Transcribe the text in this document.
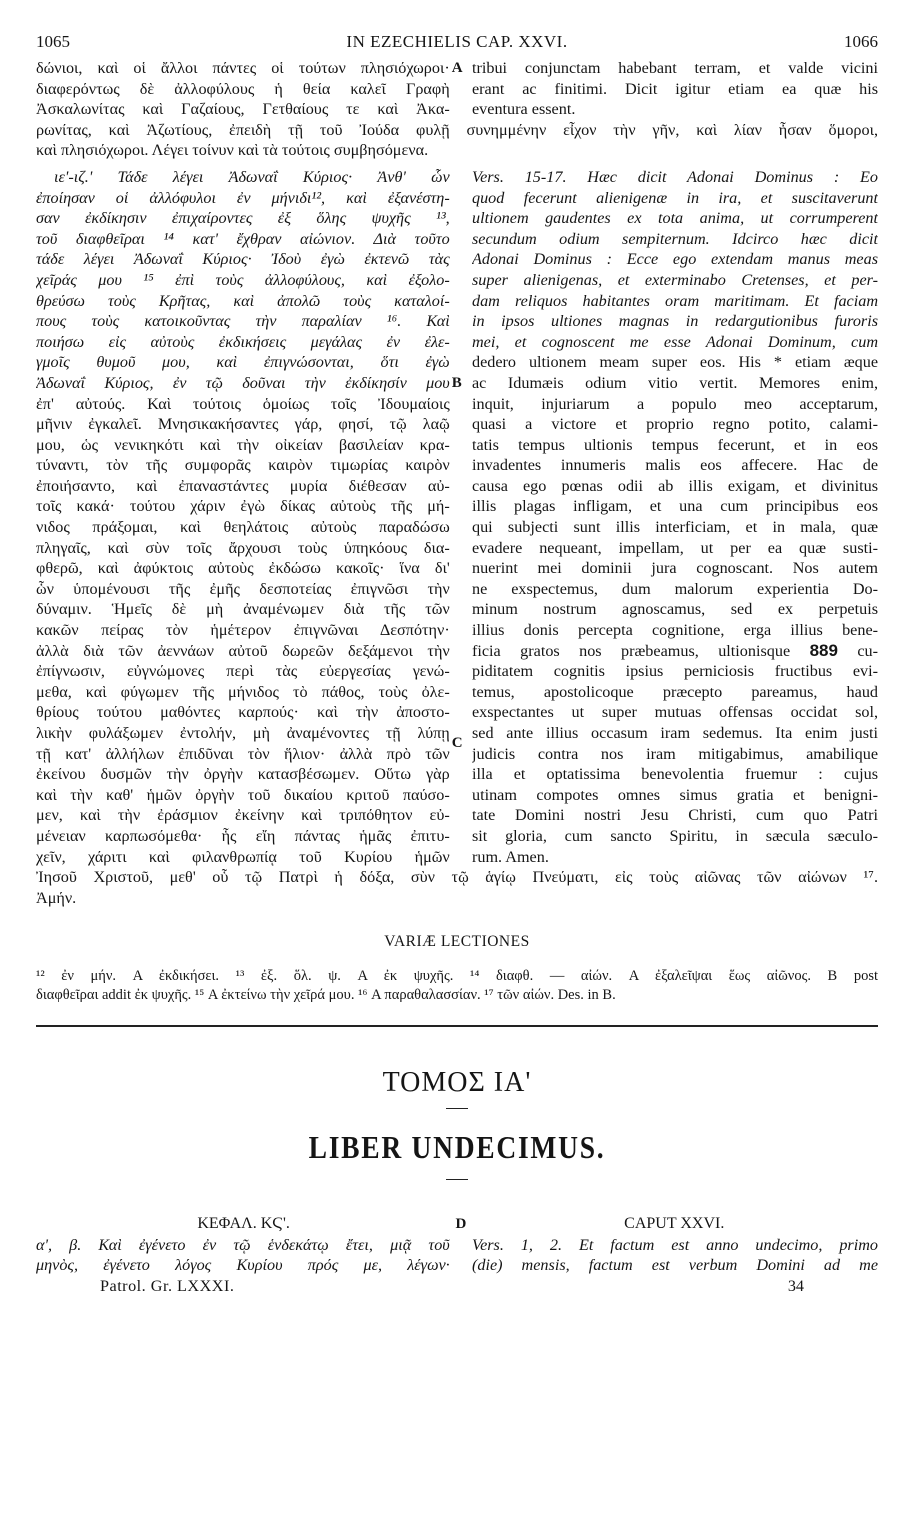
1065	IN EZECHIELIS CAP. XXVI.	1066
δώνιοι, καὶ οἱ ἄλλοι πάντες οἱ τούτων πλησιόχωροι·
διαφερόντως δὲ ἀλλοφύλους ἡ θεία καλεῖ Γραφὴ
Ἀσκαλωνίτας καὶ Γαζαίους, Γετθαίους τε καὶ Ἀκα-
A tribui conjunctam habebant terram, et valde vicini
erant ac finitimi. Dicit igitur etiam ea quæ his
eventura essent.
ρωνίτας, καὶ Ἀζωτίους, ἐπειδὴ τῇ τοῦ Ἰούδα φυλῇ συνημμένην εἶχον τὴν γῆν, καὶ λίαν ἦσαν ὅμοροι,
καὶ πλησιόχωροι. Λέγει τοίνυν καὶ τὰ τούτοις συμβησόμενα.
ιε'-ιζ.' Τάδε λέγει Ἀδωναΐ Κύριος· Ἀνθ' ὧν
ἐποίησαν οἱ ἀλλόφυλοι ἐν μήνιδι¹², καὶ ἐξανέστη-
σαν ἐκδίκησιν ἐπιχαίροντες ἐξ ὅλης ψυχῆς ¹³,
τοῦ διαφθεῖραι ¹⁴ κατ' ἔχθραν αἰώνιον. Διὰ τοῦτο
τάδε λέγει Ἀδωναΐ Κύριος· Ἰδοὺ ἐγὼ ἐκτενῶ τὰς
χεῖράς μου ¹⁵ ἐπὶ τοὺς ἀλλοφύλους, καὶ ἐξολο-
θρεύσω τοὺς Κρῆτας, καὶ ἀπολῶ τοὺς καταλοί-
πους τοὺς κατοικοῦντας τὴν παραλίαν ¹⁶. Καὶ
ποιήσω εἰς αὐτοὺς ἐκδικήσεις μεγάλας ἐν ἐλε-
γμοῖς θυμοῦ μου, καὶ ἐπιγνώσονται, ὅτι ἐγὼ
Ἀδωναΐ Κύριος, ἐν τῷ δοῦναι τὴν ἐκδίκησίν μου
ἐπ' αὐτούς. Καὶ τούτοις ὁμοίως τοῖς Ἰδουμαίοις
μῆνιν ἐγκαλεῖ. Μνησικακήσαντες γάρ, φησί, τῷ λαῷ
μου, ὡς νενικηκότι καὶ τὴν οἰκείαν βασιλείαν κρα-
τύναντι, τὸν τῆς συμφορᾶς καιρὸν τιμωρίας καιρὸν
ἐποιήσαντο, καὶ ἐπαναστάντες μυρία διέθεσαν αὐ-
τοῖς κακά· τούτου χάριν ἐγὼ δίκας αὐτοὺς τῆς μή-
νιδος πράξομαι, καὶ θεηλάτοις αὐτοὺς παραδώσω
πληγαῖς, καὶ σὺν τοῖς ἄρχουσι τοὺς ὑπηκόους δια-
φθερῶ, καὶ ἀφύκτοις αὐτοὺς ἐκδώσω κακοῖς· ἵνα δι'
ὧν ὑπομένουσι τῆς ἐμῆς δεσποτείας ἐπιγνῶσι τὴν
δύναμιν. Ἡμεῖς δὲ μὴ ἀναμένωμεν διὰ τῆς τῶν
κακῶν πείρας τὸν ἡμέτερον ἐπιγνῶναι Δεσπότην·
ἀλλὰ διὰ τῶν ἀεννάων αὐτοῦ δωρεῶν δεξάμενοι τὴν
ἐπίγνωσιν, εὐγνώμονες περὶ τὰς εὐεργεσίας γενώ-
μεθα, καὶ φύγωμεν τῆς μήνιδος τὸ πάθος, τοὺς ὀλε-
θρίους τούτου μαθόντες καρπούς· καὶ τὴν ἀποστο-
λικὴν φυλάξωμεν ἐντολήν, μὴ ἀναμένοντες τῇ λύπῃ
τῇ κατ' ἀλλήλων ἐπιδῦναι τὸν ἥλιον· ἀλλὰ πρὸ τῶν
ἐκείνου δυσμῶν τὴν ὀργὴν κατασβέσωμεν. Οὕτω γὰρ
καὶ τὴν καθ' ἡμῶν ὀργὴν τοῦ δικαίου κριτοῦ παύσο-
μεν, καὶ τὴν ἐράσμιον ἐκείνην καὶ τριπόθητον εὐ-
μένειαν καρπωσόμεθα· ἧς εἴη πάντας ἡμᾶς ἐπιτυ-
χεῖν, χάριτι καὶ φιλανθρωπίᾳ τοῦ Κυρίου ἡμῶν
B
C
Vers. 15-17. Hæc dicit Adonai Dominus : Eo
quod fecerunt alienigenæ in ira, et suscitaverunt
ultionem gaudentes ex tota anima, ut corrumperent
secundum odium sempiternum. Idcirco hæc dicit
Adonai Dominus : Ecce ego extendam manus meas
super alienigenas, et exterminabo Cretenses, et per-
dam reliquos habitantes oram maritimam. Et faciam
in ipsos ultiones magnas in redargutionibus furoris
mei, et cognoscent me esse Adonai Dominum, cum
dedero ultionem meam super eos. His * etiam æque
ac Idumæis odium vitio vertit. Memores enim,
inquit, injuriarum a populo meo acceptarum,
quasi a victore et proprio regno potito, calami-
tatis tempus ultionis tempus fecerunt, et in eos
invadentes innumeris malis eos affecere. Hac de
causa ego pœnas odii ab illis exigam, et divinitus
illis plagas infligam, et una cum principibus eos
qui subjecti sunt illis interficiam, et in mala, quæ
evadere nequeant, impellam, ut per ea quæ susti-
nuerint mei dominii jura cognoscant. Nos autem
ne exspectemus, dum malorum experientia Do-
minum nostrum agnoscamus, sed ex perpetuis
illius donis percepta cognitione, erga illius bene-
ficia gratos nos præbeamus, ultionisque 889 cu-
piditatem cognitis ipsius perniciosis fructibus evi-
temus, apostolicoque præcepto pareamus, haud
exspectantes ut super mutuas offensas occidat sol,
sed ante illius occasum iram sedemus. Ita enim justi
judicis contra nos iram mitigabimus, amabilique
illa et optatissima benevolentia fruemur : cujus
utinam compotes omnes simus gratia et benigni-
tate Domini nostri Jesu Christi, cum quo Patri
sit gloria, cum sancto Spiritu, in sæcula sæculo-
rum. Amen.
Ἰησοῦ Χριστοῦ, μεθ' οὗ τῷ Πατρὶ ἡ δόξα, σὺν τῷ ἁγίῳ Πνεύματι, εἰς τοὺς αἰῶνας τῶν αἰώνων ¹⁷.
Ἀμήν.
VARIÆ LECTIONES
¹² ἐν μήν. A ἐκδικήσει. ¹³ ἐξ. ὅλ. ψ. A ἐκ ψυχῆς. ¹⁴ διαφθ. — αἰών. A ἐξαλεῖψαι ἕως αἰῶνος. B post
διαφθεῖραι addit ἐκ ψυχῆς. ¹⁵ A ἐκτείνω τὴν χεῖρά μου. ¹⁶ A παραθαλασσίαν. ¹⁷ τῶν αἰών. Des. in B.
ΤΟΜΟΣ ΙΑ'
LIBER UNDECIMUS.
ΚΕΦΑΛ. ΚϚ'.	D	CAPUT XXVI.
α', β. Καὶ ἐγένετο ἐν τῷ ἑνδεκάτῳ ἔτει, μιᾷ τοῦ
μηνὸς, ἐγένετο λόγος Κυρίου πρός με, λέγων·
Vers. 1, 2. Et factum est anno undecimo, primo
(die) mensis, factum est verbum Domini ad me
Patrol. Gr. LXXXI.	34
